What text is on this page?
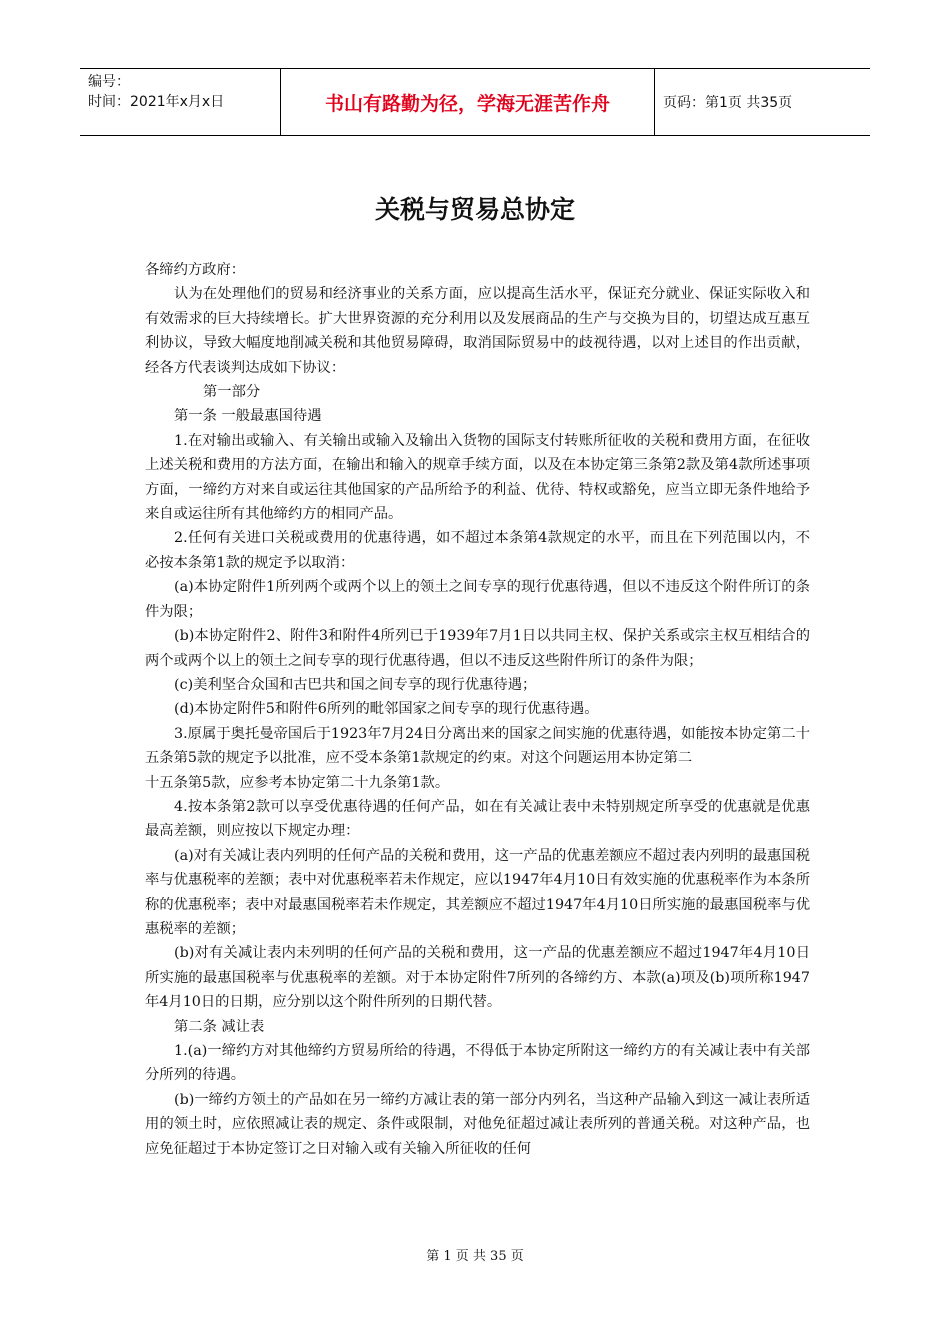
编号：
时间：2021年x月x日	书山有路勤为径，学海无涯苦作舟	页码：第1页 共35页
关税与贸易总协定

各缔约方政府：

认为在处理他们的贸易和经济事业的关系方面，应以提高生活水平，保证充分就业、保证实际收入和有效需求的巨大持续增长。扩大世界资源的充分利用以及发展商品的生产与交换为目的，切望达成互惠互利协议，导致大幅度地削减关税和其他贸易障碍，取消国际贸易中的歧视待遇，以对上述目的作出贡献，经各方代表谈判达成如下协议：

第一部分

第一条 一般最惠国待遇

1.在对输出或输入、有关输出或输入及输出入货物的国际支付转账所征收的关税和费用方面，在征收上述关税和费用的方法方面，在输出和输入的规章手续方面，以及在本协定第三条第2款及第4款所述事项方面，一缔约方对来自或运往其他国家的产品所给予的利益、优待、特权或豁免，应当立即无条件地给予来自或运往所有其他缔约方的相同产品。

2.任何有关进口关税或费用的优惠待遇，如不超过本条第4款规定的水平，而且在下列范围以内，不必按本条第1款的规定予以取消：

(a)本协定附件1所列两个或两个以上的领土之间专享的现行优惠待遇，但以不违反这个附件所订的条件为限；

(b)本协定附件2、附件3和附件4所列已于1939年7月1日以共同主权、保护关系或宗主权互相结合的两个或两个以上的领土之间专享的现行优惠待遇，但以不违反这些附件所订的条件为限；

(c)美利坚合众国和古巴共和国之间专享的现行优惠待遇；

(d)本协定附件5和附件6所列的毗邻国家之间专享的现行优惠待遇。

3.原属于奥托曼帝国后于1923年7月24日分离出来的国家之间实施的优惠待遇，如能按本协定第二十五条第5款的规定予以批准，应不受本条第1款规定的约束。对这个问题运用本协定第二

十五条第5款，应参考本协定第二十九条第1款。

4.按本条第2款可以享受优惠待遇的任何产品，如在有关减让表中未特别规定所享受的优惠就是优惠最高差额，则应按以下规定办理：

(a)对有关减让表内列明的任何产品的关税和费用，这一产品的优惠差额应不超过表内列明的最惠国税率与优惠税率的差额；表中对优惠税率若未作规定，应以1947年4月10日有效实施的优惠税率作为本条所称的优惠税率；表中对最惠国税率若未作规定，其差额应不超过1947年4月10日所实施的最惠国税率与优惠税率的差额；

(b)对有关减让表内未列明的任何产品的关税和费用，这一产品的优惠差额应不超过1947年4月10日所实施的最惠国税率与优惠税率的差额。对于本协定附件7所列的各缔约方、本款(a)项及(b)项所称1947年4月10日的日期，应分别以这个附件所列的日期代替。

第二条 减让表

1.(a)一缔约方对其他缔约方贸易所给的待遇，不得低于本协定所附这一缔约方的有关减让表中有关部分所列的待遇。

(b)一缔约方领土的产品如在另一缔约方减让表的第一部分内列名，当这种产品输入到这一减让表所适用的领土时，应依照减让表的规定、条件或限制，对他免征超过减让表所列的普通关税。对这种产品，也应免征超过于本协定签订之日对输入或有关输入所征收的任何

第 1 页 共 35 页
